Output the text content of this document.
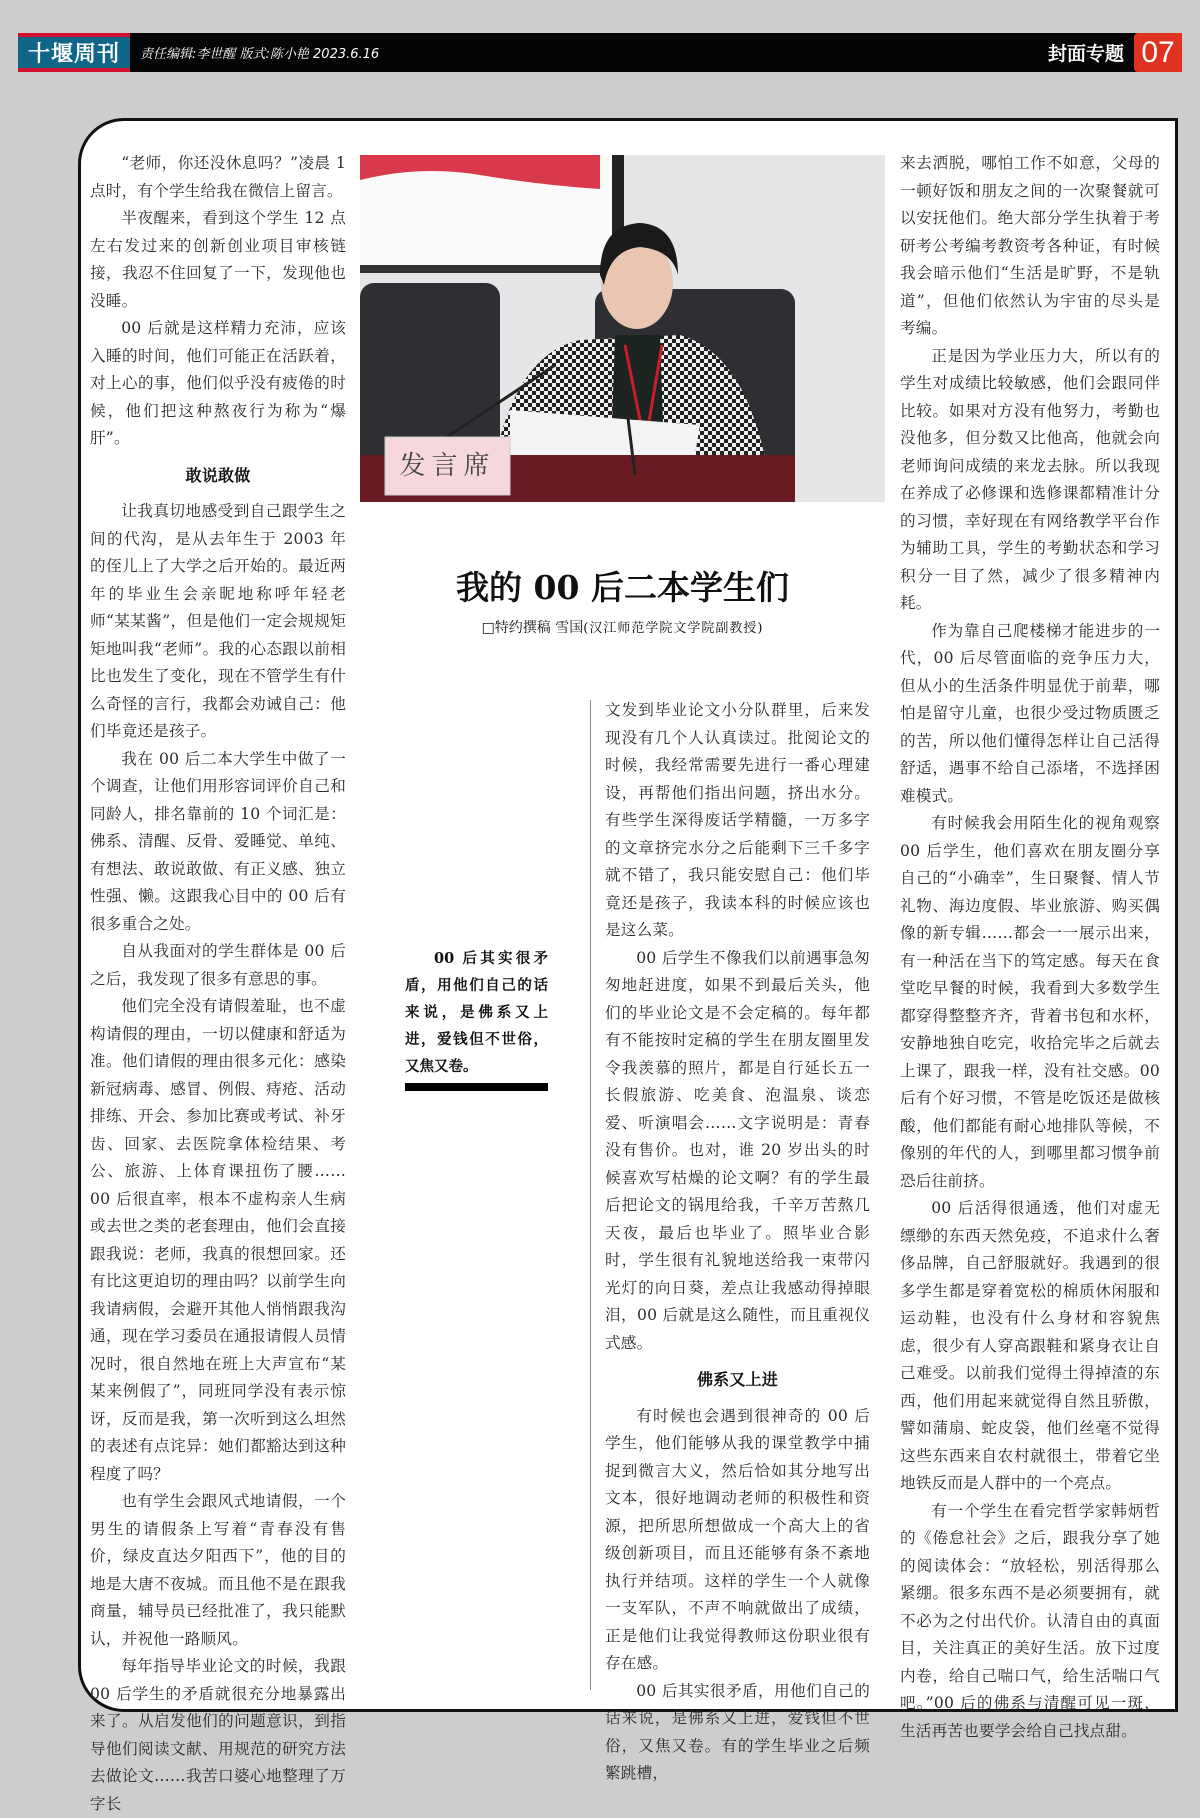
十堰周刊	责任编辑:李世醒 版式:陈小艳 2023.6.16	封面专题 07

“老师，你还没休息吗？”凌晨 1 点时，有个学生给我在微信上留言。

半夜醒来，看到这个学生 12 点左右发过来的创新创业项目审核链接，我忍不住回复了一下，发现他也没睡。

00 后就是这样精力充沛，应该入睡的时间，他们可能正在活跃着，对上心的事，他们似乎没有疲倦的时候，他们把这种熬夜行为称为“爆肝”。

敢说敢做

让我真切地感受到自己跟学生之间的代沟，是从去年生于 2003 年的侄儿上了大学之后开始的。最近两年的毕业生会亲昵地称呼年轻老师“某某酱”，但是他们一定会规规矩矩地叫我“老师”。我的心态跟以前相比也发生了变化，现在不管学生有什么奇怪的言行，我都会劝诫自己：他们毕竟还是孩子。

我在 00 后二本大学生中做了一个调查，让他们用形容词评价自己和同龄人，排名靠前的 10 个词汇是：佛系、清醒、反骨、爱睡觉、单纯、有想法、敢说敢做、有正义感、独立性强、懒。这跟我心目中的 00 后有很多重合之处。

自从我面对的学生群体是 00 后之后，我发现了很多有意思的事。

他们完全没有请假羞耻，也不虚构请假的理由，一切以健康和舒适为准。他们请假的理由很多元化：感染新冠病毒、感冒、例假、痔疮、活动排练、开会、参加比赛或考试、补牙齿、回家、去医院拿体检结果、考公、旅游、上体育课扭伤了腰……00 后很直率，根本不虚构亲人生病或去世之类的老套理由，他们会直接跟我说：老师，我真的很想回家。还有比这更迫切的理由吗？以前学生向我请病假，会避开其他人悄悄跟我沟通，现在学习委员在通报请假人员情况时，很自然地在班上大声宣布“某某来例假了”，同班同学没有表示惊讶，反而是我，第一次听到这么坦然的表述有点诧异：她们都豁达到这种程度了吗？

也有学生会跟风式地请假，一个男生的请假条上写着“青春没有售价，绿皮直达夕阳西下”，他的目的地是大唐不夜城。而且他不是在跟我商量，辅导员已经批准了，我只能默认，并祝他一路顺风。

每年指导毕业论文的时候，我跟 00 后学生的矛盾就很充分地暴露出来了。从启发他们的问题意识，到指导他们阅读文献、用规范的研究方法去做论文……我苦口婆心地整理了万字长

发言席
我的 00 后二本学生们
□特约撰稿 雪国(汉江师范学院文学院副教授)

00 后其实很矛盾，用他们自己的话来说，是佛系又上进，爱钱但不世俗，又焦又卷。

文发到毕业论文小分队群里，后来发现没有几个人认真读过。批阅论文的时候，我经常需要先进行一番心理建设，再帮他们指出问题，挤出水分。有些学生深得废话学精髓，一万多字的文章挤完水分之后能剩下三千多字就不错了，我只能安慰自己：他们毕竟还是孩子，我读本科的时候应该也是这么菜。

00 后学生不像我们以前遇事急匆匆地赶进度，如果不到最后关头，他们的毕业论文是不会定稿的。每年都有不能按时定稿的学生在朋友圈里发令我羡慕的照片，都是自行延长五一长假旅游、吃美食、泡温泉、谈恋爱、听演唱会……文字说明是：青春没有售价。也对，谁 20 岁出头的时候喜欢写枯燥的论文啊？有的学生最后把论文的锅甩给我，千辛万苦熬几天夜，最后也毕业了。照毕业合影时，学生很有礼貌地送给我一束带闪光灯的向日葵，差点让我感动得掉眼泪，00 后就是这么随性，而且重视仪式感。

佛系又上进

有时候也会遇到很神奇的 00 后学生，他们能够从我的课堂教学中捕捉到微言大义，然后恰如其分地写出文本，很好地调动老师的积极性和资源，把所思所想做成一个高大上的省级创新项目，而且还能够有条不紊地执行并结项。这样的学生一个人就像一支军队，不声不响就做出了成绩，正是他们让我觉得教师这份职业很有存在感。

00 后其实很矛盾，用他们自己的话来说，是佛系又上进，爱钱但不世俗，又焦又卷。有的学生毕业之后频繁跳槽，

来去洒脱，哪怕工作不如意，父母的一顿好饭和朋友之间的一次聚餐就可以安抚他们。绝大部分学生执着于考研考公考编考教资考各种证，有时候我会暗示他们“生活是旷野，不是轨道”，但他们依然认为宇宙的尽头是考编。

正是因为学业压力大，所以有的学生对成绩比较敏感，他们会跟同伴比较。如果对方没有他努力，考勤也没他多，但分数又比他高，他就会向老师询问成绩的来龙去脉。所以我现在养成了必修课和选修课都精准计分的习惯，幸好现在有网络教学平台作为辅助工具，学生的考勤状态和学习积分一目了然，减少了很多精神内耗。

作为靠自己爬楼梯才能进步的一代，00 后尽管面临的竞争压力大，但从小的生活条件明显优于前辈，哪怕是留守儿童，也很少受过物质匮乏的苦，所以他们懂得怎样让自己活得舒适，遇事不给自己添堵，不选择困难模式。

有时候我会用陌生化的视角观察 00 后学生，他们喜欢在朋友圈分享自己的“小确幸”，生日聚餐、情人节礼物、海边度假、毕业旅游、购买偶像的新专辑……都会一一展示出来，有一种活在当下的笃定感。每天在食堂吃早餐的时候，我看到大多数学生都穿得整整齐齐，背着书包和水杯，安静地独自吃完，收拾完毕之后就去上课了，跟我一样，没有社交感。00 后有个好习惯，不管是吃饭还是做核酸，他们都能有耐心地排队等候，不像别的年代的人，到哪里都习惯争前恐后往前挤。

00 后活得很通透，他们对虚无缥缈的东西天然免疫，不追求什么奢侈品牌，自己舒服就好。我遇到的很多学生都是穿着宽松的棉质休闲服和运动鞋，也没有什么身材和容貌焦虑，很少有人穿高跟鞋和紧身衣让自己难受。以前我们觉得土得掉渣的东西，他们用起来就觉得自然且骄傲，譬如蒲扇、蛇皮袋，他们丝毫不觉得这些东西来自农村就很土，带着它坐地铁反而是人群中的一个亮点。

有一个学生在看完哲学家韩炳哲的《倦怠社会》之后，跟我分享了她的阅读体会：“放轻松，别活得那么紧绷。很多东西不是必须要拥有，就不必为之付出代价。认清自由的真面目，关注真正的美好生活。放下过度内卷，给自己喘口气，给生活喘口气吧。”00 后的佛系与清醒可见一斑，生活再苦也要学会给自己找点甜。
